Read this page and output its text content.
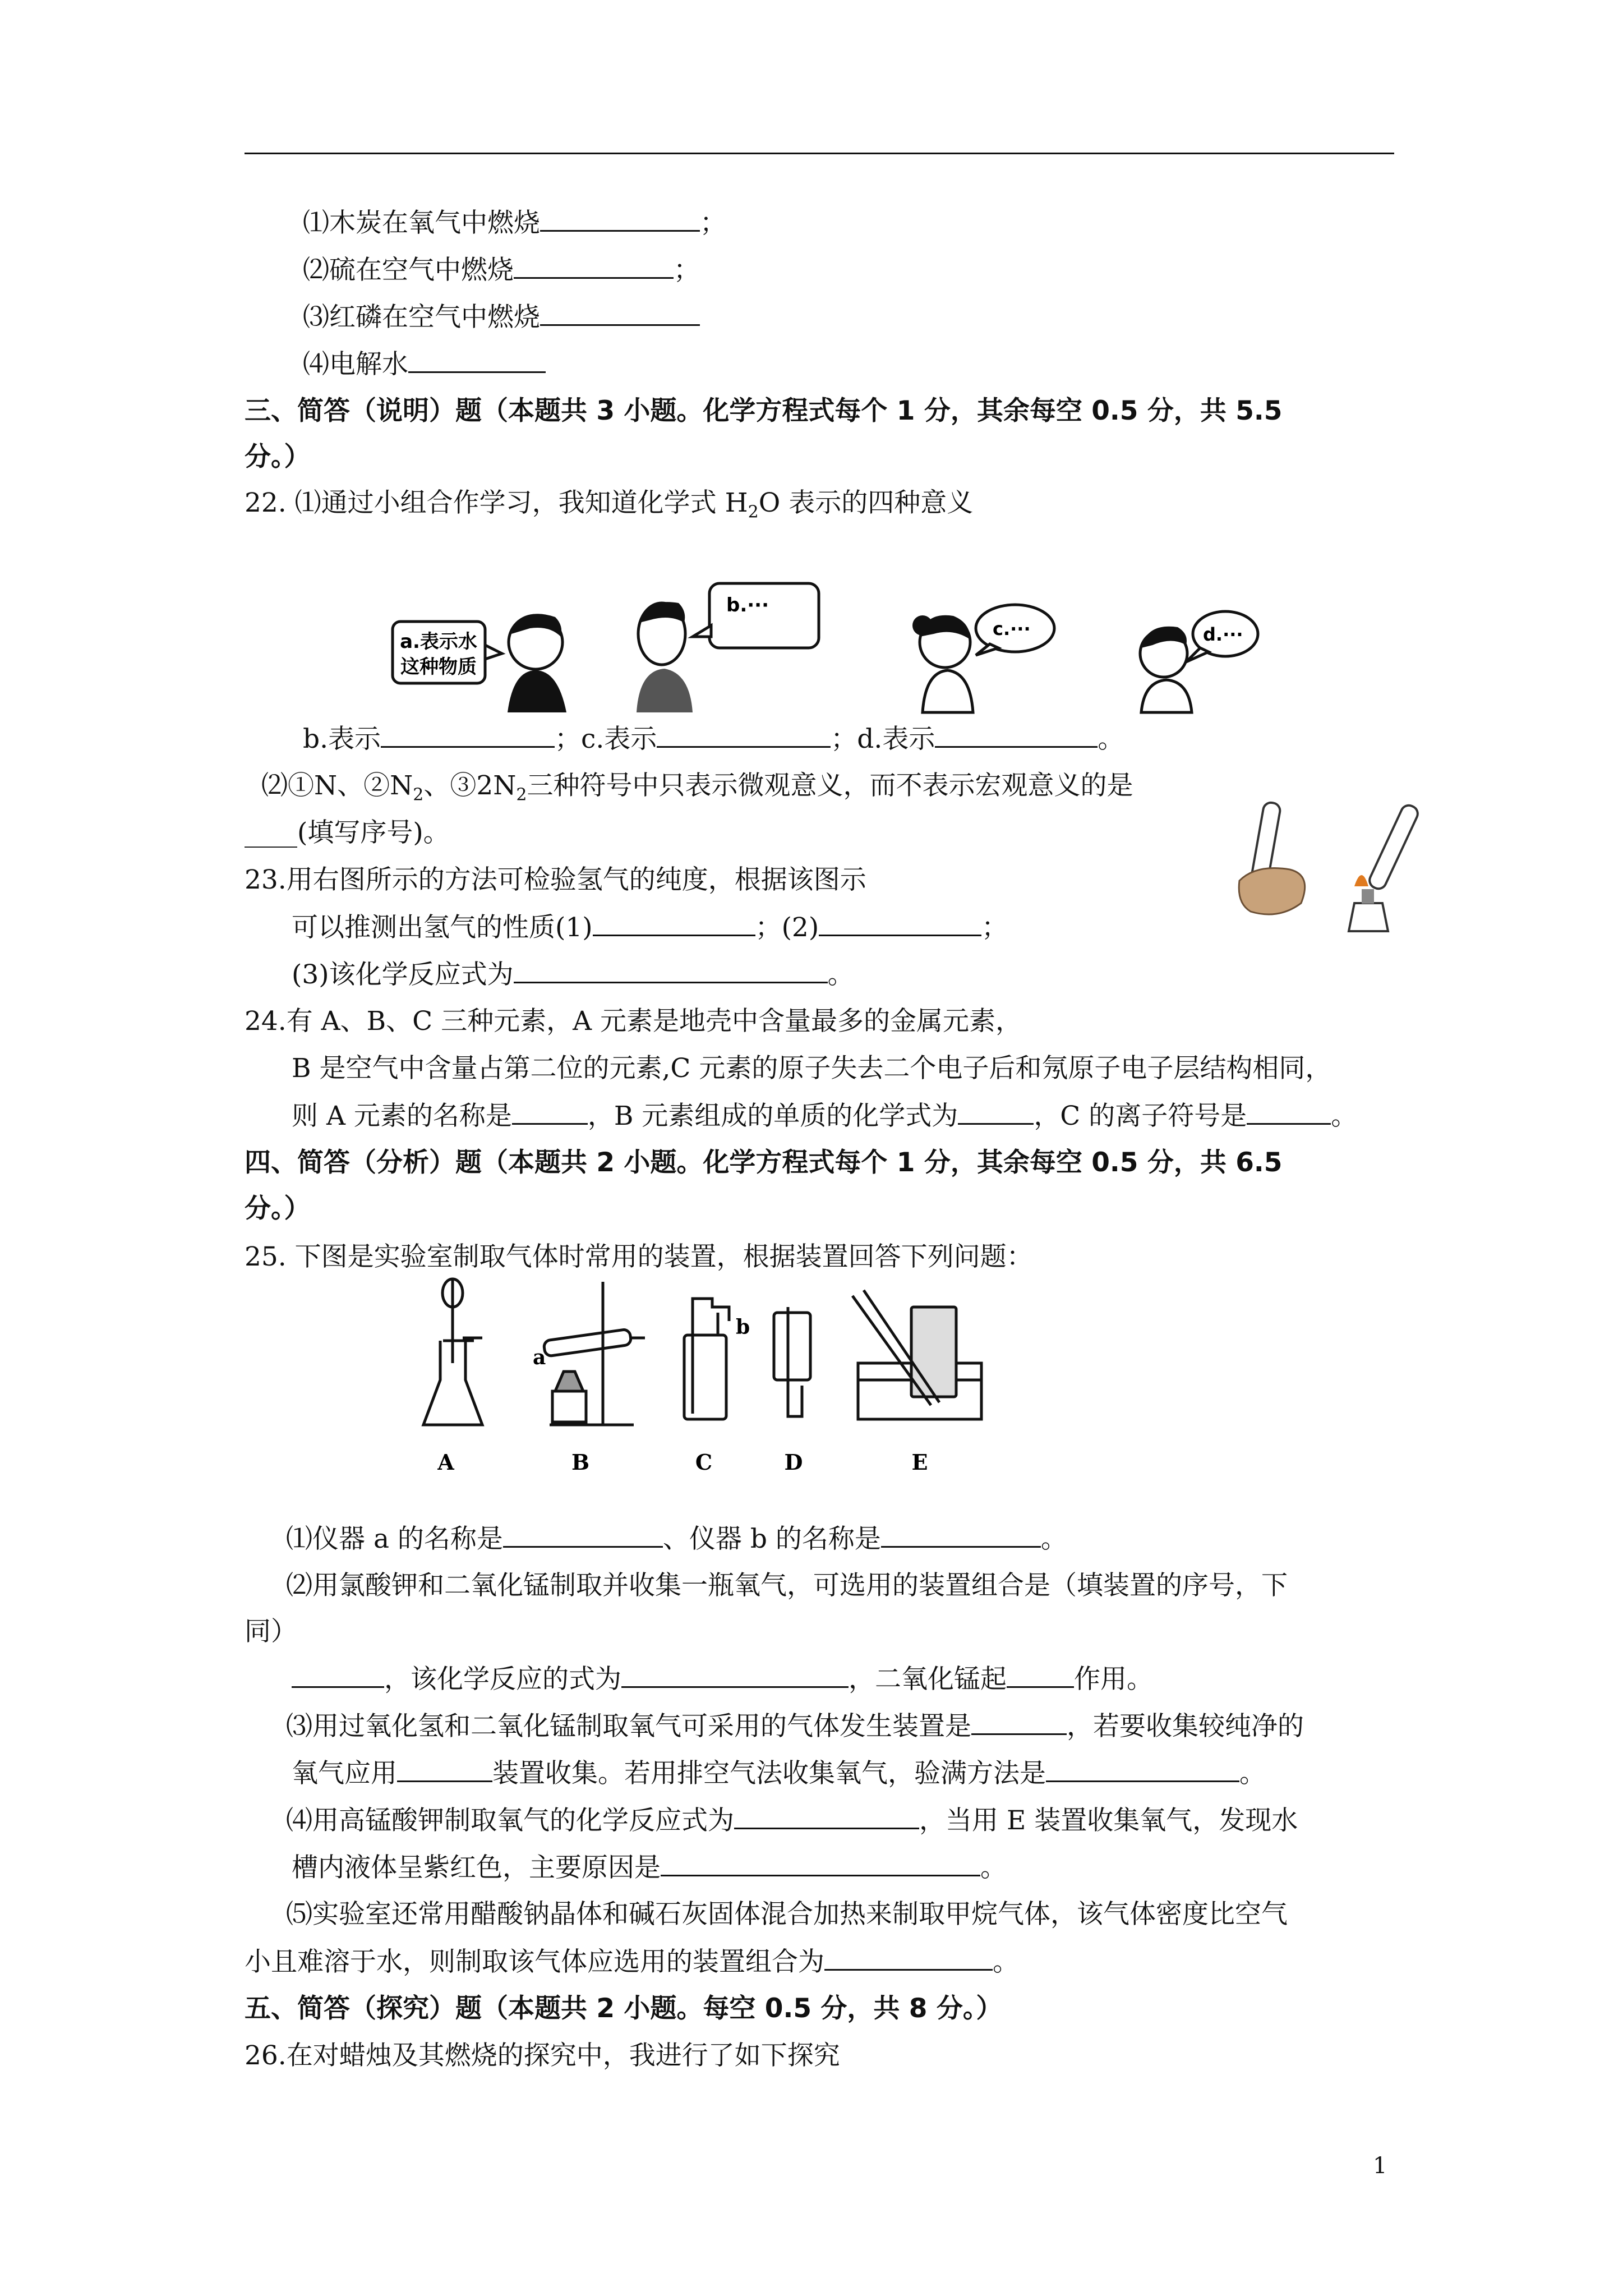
⑴木炭在氧气中燃烧	；
⑵硫在空气中燃烧	；
⑶红磷在空气中燃烧
⑷电解水
三、简答（说明）题（本题共 3 小题。化学方程式每个 1 分，其余每空 0.5 分，共 5.5
分。）
22. ⑴通过小组合作学习，我知道化学式 $H_2O$ 表示的四种意义
a.表示水
这种物质
b.···
c.···	d.···
b.表示	；c.表示	；d.表示	。
⑵①N、$②N_2$、$③2N_2$三种符号中只表示微观意义，而不表示宏观意义的是
____(填写序号)。
23.用右图所示的方法可检验氢气的纯度，根据该图示
可以推测出氢气的性质(1)	；(2)	；
(3)该化学反应式为	。
24.有 A、B、C 三种元素，A 元素是地壳中含量最多的金属元素，
B 是空气中含量占第二位的元素,C 元素的原子失去二个电子后和氖原子电子层结构相同，
则 A 元素的名称是	，B 元素组成的单质的化学式为	，C 的离子符号是	。
四、简答（分析）题（本题共 2 小题。化学方程式每个 1 分，其余每空 0.5 分，共 6.5
分。）
25. 下图是实验室制取气体时常用的装置，根据装置回答下列问题：
a
b
A	B	C	D	E
⑴仪器 a 的名称是	、仪器 b 的名称是	。
⑵用氯酸钾和二氧化锰制取并收集一瓶氧气，可选用的装置组合是（填装置的序号，下
同）
，该化学反应的式为	，二氧化锰起	作用。
⑶用过氧化氢和二氧化锰制取氧气可采用的气体发生装置是	，若要收集较纯净的
氧气应用	装置收集。若用排空气法收集氧气，验满方法是	。
⑷用高锰酸钾制取氧气的化学反应式为	，当用 E 装置收集氧气，发现水
槽内液体呈紫红色，主要原因是	。
⑸实验室还常用醋酸钠晶体和碱石灰固体混合加热来制取甲烷气体，该气体密度比空气
小且难溶于水，则制取该气体应选用的装置组合为	。
五、简答（探究）题（本题共 2 小题。每空 0.5 分，共 8 分。）
26.在对蜡烛及其燃烧的探究中，我进行了如下探究
1
